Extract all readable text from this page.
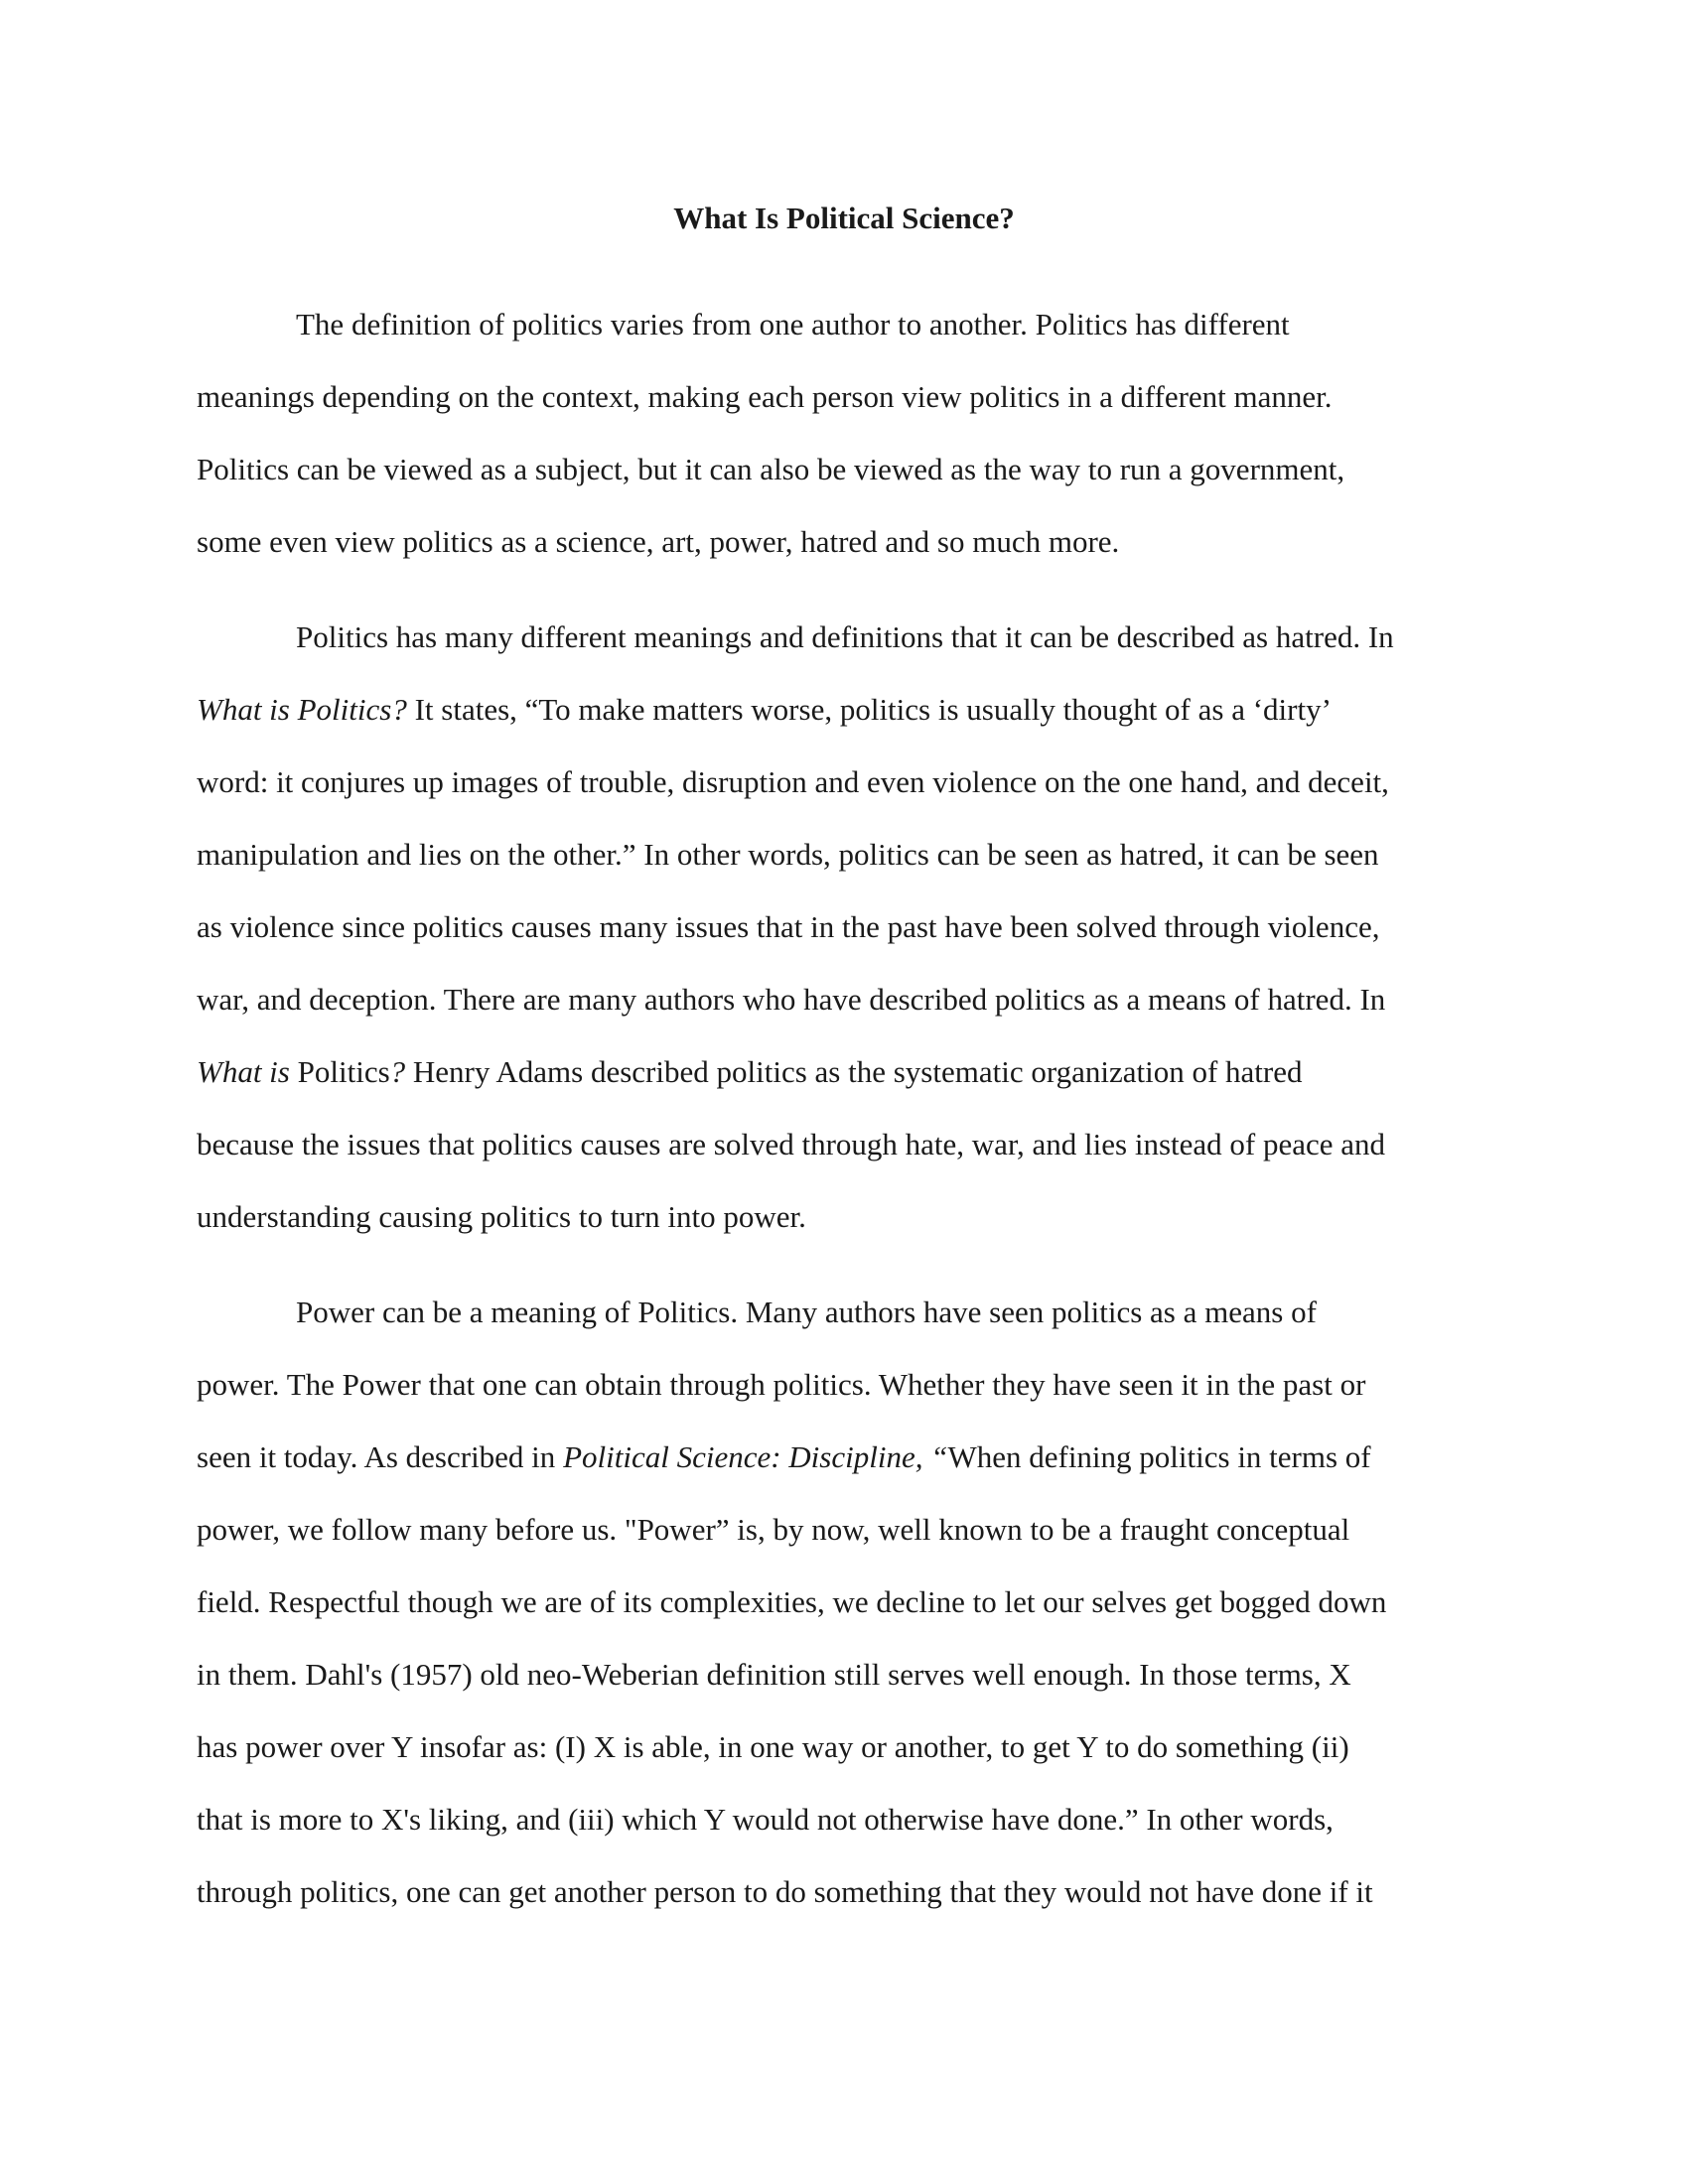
What Is Political Science?

The definition of politics varies from one author to another. Politics has different
meanings depending on the context, making each person view politics in a different manner.
Politics can be viewed as a subject, but it can also be viewed as the way to run a government,
some even view politics as a science, art, power, hatred and so much more.

Politics has many different meanings and definitions that it can be described as hatred. In
What is Politics? It states, “To make matters worse, politics is usually thought of as a ‘dirty’
word: it conjures up images of trouble, disruption and even violence on the one hand, and deceit,
manipulation and lies on the other.” In other words, politics can be seen as hatred, it can be seen
as violence since politics causes many issues that in the past have been solved through violence,
war, and deception. There are many authors who have described politics as a means of hatred. In
What is Politics? Henry Adams described politics as the systematic organization of hatred
because the issues that politics causes are solved through hate, war, and lies instead of peace and
understanding causing politics to turn into power.

Power can be a meaning of Politics. Many authors have seen politics as a means of
power. The Power that one can obtain through politics. Whether they have seen it in the past or
seen it today. As described in Political Science: Discipline, “When defining politics in terms of
power, we follow many before us. "Power” is, by now, well known to be a fraught conceptual
field. Respectful though we are of its complexities, we decline to let our selves get bogged down
in them. Dahl's (1957) old neo-Weberian definition still serves well enough. In those terms, X
has power over Y insofar as: (I) X is able, in one way or another, to get Y to do something (ii)
that is more to X's liking, and (iii) which Y would not otherwise have done.” In other words,
through politics, one can get another person to do something that they would not have done if it
